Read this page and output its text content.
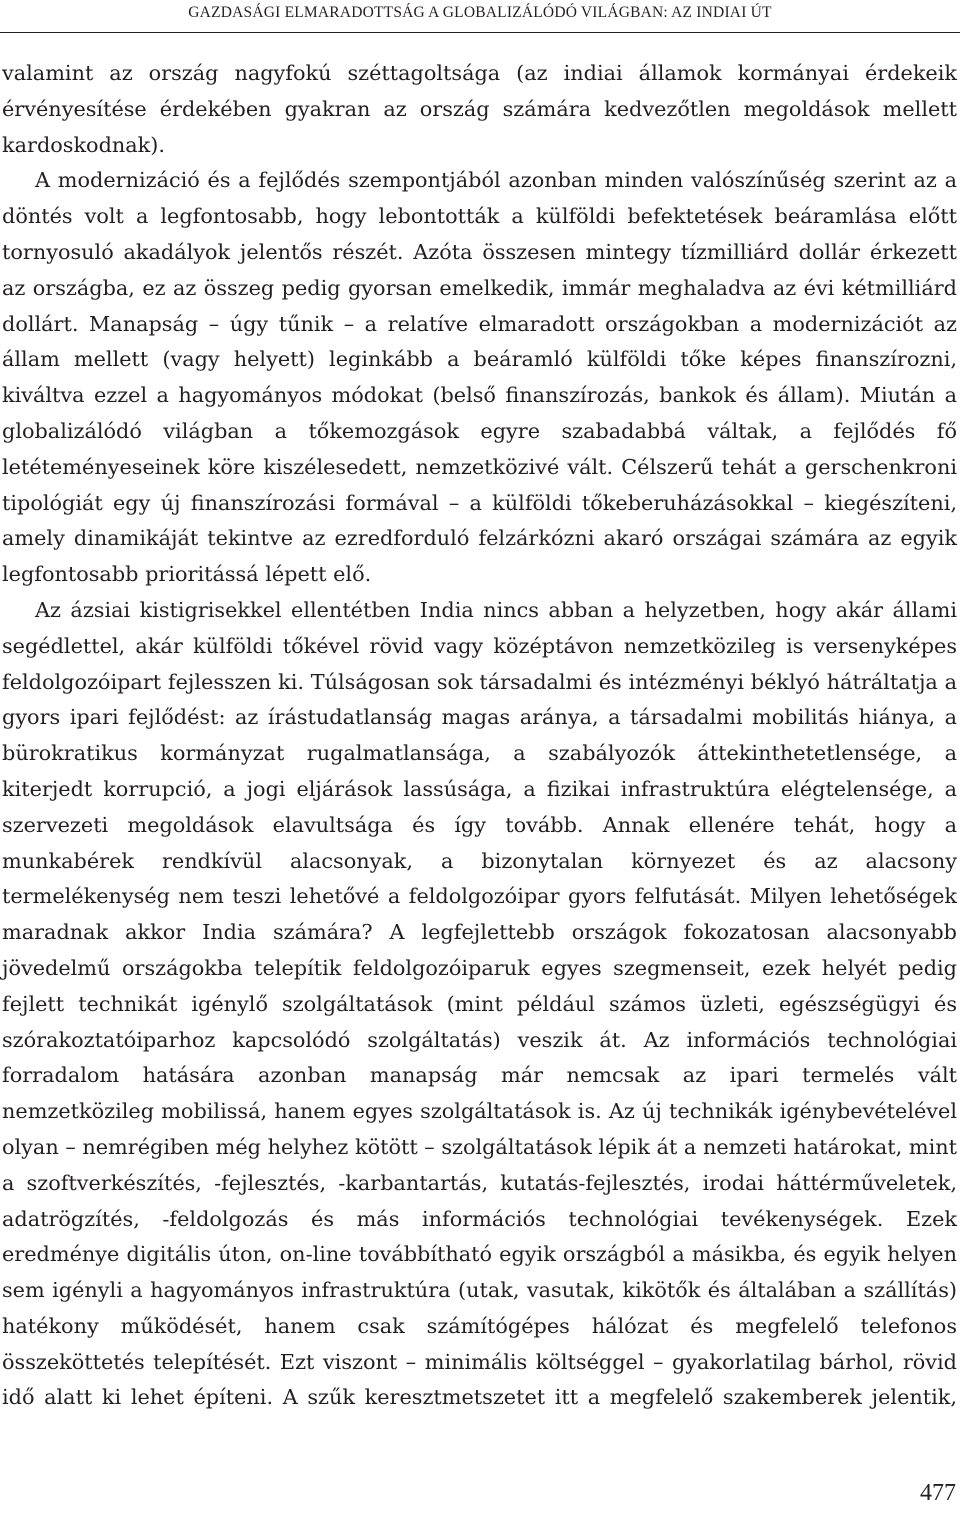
GAZDASÁGI ELMARADOTTSÁG A GLOBALIZÁLÓDÓ VILÁGBAN: AZ INDIAI ÚT

valamint az ország nagyfokú széttagoltsága (az indiai államok kormányai érdekeik érvényesítése érdekében gyakran az ország számára kedvezőtlen megoldások mellett kardoskodnak).

A modernizáció és a fejlődés szempontjából azonban minden valószínűség szerint az a döntés volt a legfontosabb, hogy lebontották a külföldi befektetések beáramlása előtt tornyosuló akadályok jelentős részét. Azóta összesen mintegy tízmilliárd dollár érkezett az országba, ez az összeg pedig gyorsan emelkedik, immár meghaladva az évi kétmilliárd dollárt. Manapság – úgy tűnik – a relatíve elmaradott országokban a modernizációt az állam mellett (vagy helyett) leginkább a beáramló külföldi tőke képes finanszírozni, kiváltva ezzel a hagyományos módokat (belső finanszírozás, bankok és állam). Miután a globalizálódó világban a tőkemozgások egyre szabadabbá váltak, a fejlődés fő letéteményeseinek köre kiszélesedett, nemzetközivé vált. Célszerű tehát a gerschenkroni tipológiát egy új finanszírozási formával – a külföldi tőkeberuházásokkal – kiegészíteni, amely dinamikáját tekintve az ezredforduló felzárkózni akaró országai számára az egyik legfontosabb prioritássá lépett elő.

Az ázsiai kistigrisekkel ellentétben India nincs abban a helyzetben, hogy akár állami segédlettel, akár külföldi tőkével rövid vagy középtávon nemzetközileg is versenyképes feldolgozóipart fejlesszen ki. Túlságosan sok társadalmi és intézményi béklyó hátráltatja a gyors ipari fejlődést: az írástudatlanság magas aránya, a társadalmi mobilitás hiánya, a bürokratikus kormányzat rugalmatlansága, a szabályozók áttekinthetetlensége, a kiterjedt korrupció, a jogi eljárások lassúsága, a fizikai infrastruktúra elégtelensége, a szervezeti megoldások elavultsága és így tovább. Annak ellenére tehát, hogy a munkabérek rendkívül alacsonyak, a bizonytalan környezet és az alacsony termelékenység nem teszi lehetővé a feldolgozóipar gyors felfutását. Milyen lehetőségek maradnak akkor India számára? A legfejlettebb országok fokozatosan alacsonyabb jövedelmű országokba telepítik feldolgozóiparuk egyes szegmenseit, ezek helyét pedig fejlett technikát igénylő szolgáltatások (mint például számos üzleti, egészségügyi és szórakoztatóiparhoz kapcsolódó szolgáltatás) veszik át. Az információs technológiai forradalom hatására azonban manapság már nemcsak az ipari termelés vált nemzetközileg mobilissá, hanem egyes szolgáltatások is. Az új technikák igénybevételével olyan – nemrégiben még helyhez kötött – szolgáltatások lépik át a nemzeti határokat, mint a szoftverkészítés, -fejlesztés, -karbantartás, kutatás-fejlesztés, irodai háttérműveletek, adatrögzítés, -feldolgozás és más információs technológiai tevékenységek. Ezek eredménye digitális úton, on-line továbbítható egyik országból a másikba, és egyik helyen sem igényli a hagyományos infrastruktúra (utak, vasutak, kikötők és általában a szállítás) hatékony működését, hanem csak számítógépes hálózat és megfelelő telefonos összeköttetés telepítését. Ezt viszont – minimális költséggel – gyakorlatilag bárhol, rövid idő alatt ki lehet építeni. A szűk keresztmetszetet itt a megfelelő szakemberek jelentik,

477
